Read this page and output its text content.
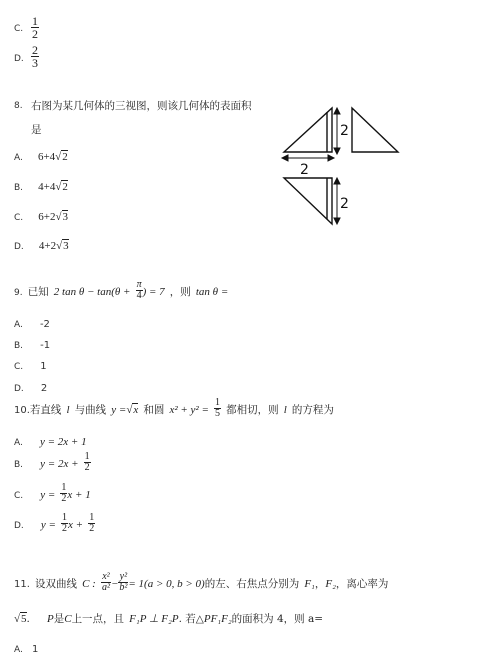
C. $\frac{1}{2}$
D. $\frac{2}{3}$
8. 右图为某几何体的三视图，则该几何体的表面积
是
A. 6+4√2
B. 4+4√2
C. 6+2√3
D. 4+2√3
2
2
2
9. 已知 2 $\tan \theta - \tan(\theta + \frac{\pi}{4}$ ) = 7 ，则 tan θ =
A. -2
B. -1
C. 1
D. 2
10.若直线 l 与曲线 y =√x 和圆 $x^2 + y^2 = \frac{1}{5}$ 都相切，则 l 的方程为
A. y = 2x + 1
B. $y = 2x + \frac{1}{2}$
C. $y = \frac{1}{2}$ x + 1
D. $y = \frac{1}{2}$ $x + \frac{1}{2}$
11. 设双曲线 C : $\frac{\text{x²}}{\text{a²}} - \frac{\text{y²}}{\text{b²}} = 1(a > 0$, b > 0)的左、右焦点分别为 F₁，F₂，离心率为
√5. P是C上一点，且 F₁P ⊥ F₂P. 若△PF₁F₂的面积为 4，则 a=
A. 1
